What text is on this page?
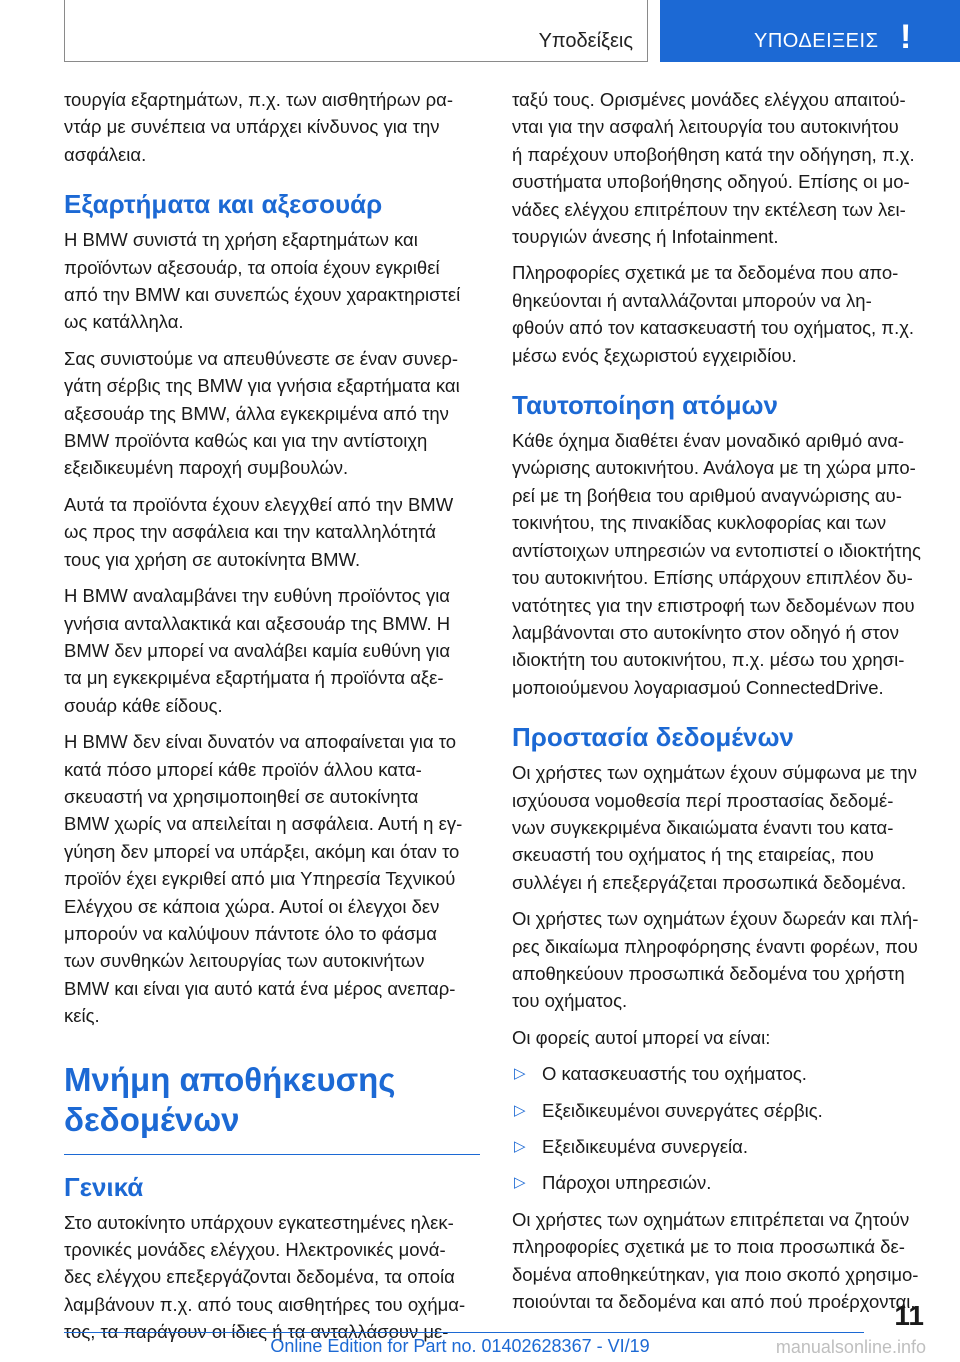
Υποδείξεις	ΥΠΟΔΕΙΞΕΙΣ !

τουργία εξαρτημάτων, π.χ. των αισθητήρων ρα-
ντάρ με συνέπεια να υπάρχει κίνδυνος για την
ασφάλεια.

Εξαρτήματα και αξεσουάρ

Η BMW συνιστά τη χρήση εξαρτημάτων και
προϊόντων αξεσουάρ, τα οποία έχουν εγκριθεί
από την BMW και συνεπώς έχουν χαρακτηριστεί
ως κατάλληλα.

Σας συνιστούμε να απευθύνεστε σε έναν συνερ-
γάτη σέρβις της BMW για γνήσια εξαρτήματα και
αξεσουάρ της BMW, άλλα εγκεκριμένα από την
BMW προϊόντα καθώς και για την αντίστοιχη
εξειδικευμένη παροχή συμβουλών.

Αυτά τα προϊόντα έχουν ελεγχθεί από την BMW
ως προς την ασφάλεια και την καταλληλότητά
τους για χρήση σε αυτοκίνητα BMW.

Η BMW αναλαμβάνει την ευθύνη προϊόντος για
γνήσια ανταλλακτικά και αξεσουάρ της BMW. Η
BMW δεν μπορεί να αναλάβει καμία ευθύνη για
τα μη εγκεκριμένα εξαρτήματα ή προϊόντα αξε-
σουάρ κάθε είδους.

Η BMW δεν είναι δυνατόν να αποφαίνεται για το
κατά πόσο μπορεί κάθε προϊόν άλλου κατα-
σκευαστή να χρησιμοποιηθεί σε αυτοκίνητα
BMW χωρίς να απειλείται η ασφάλεια. Αυτή η εγ-
γύηση δεν μπορεί να υπάρξει, ακόμη και όταν το
προϊόν έχει εγκριθεί από μια Υπηρεσία Τεχνικού
Ελέγχου σε κάποια χώρα. Αυτοί οι έλεγχοι δεν
μπορούν να καλύψουν πάντοτε όλο το φάσμα
των συνθηκών λειτουργίας των αυτοκινήτων
BMW και είναι για αυτό κατά ένα μέρος ανεπαρ-
κείς.

Μνήμη αποθήκευσης
δεδομένων
Γενικά

Στο αυτοκίνητο υπάρχουν εγκατεστημένες ηλεκ-
τρονικές μονάδες ελέγχου. Ηλεκτρονικές μονά-
δες ελέγχου επεξεργάζονται δεδομένα, τα οποία
λαμβάνουν π.χ. από τους αισθητήρες του οχήμα-
τος, τα παράγουν οι ίδιες ή τα ανταλλάσουν με-

ταξύ τους. Ορισμένες μονάδες ελέγχου απαιτού-
νται για την ασφαλή λειτουργία του αυτοκινήτου
ή παρέχουν υποβοήθηση κατά την οδήγηση, π.χ.
συστήματα υποβοήθησης οδηγού. Επίσης οι μο-
νάδες ελέγχου επιτρέπουν την εκτέλεση των λει-
τουργιών άνεσης ή Infotainment.

Πληροφορίες σχετικά με τα δεδομένα που απο-
θηκεύονται ή ανταλλάζονται μπορούν να λη-
φθούν από τον κατασκευαστή του οχήματος, π.χ.
μέσω ενός ξεχωριστού εγχειριδίου.

Ταυτοποίηση ατόμων

Κάθε όχημα διαθέτει έναν μοναδικό αριθμό ανα-
γνώρισης αυτοκινήτου. Ανάλογα με τη χώρα μπο-
ρεί με τη βοήθεια του αριθμού αναγνώρισης αυ-
τοκινήτου, της πινακίδας κυκλοφορίας και των
αντίστοιχων υπηρεσιών να εντοπιστεί ο ιδιοκτήτης
του αυτοκινήτου. Επίσης υπάρχουν επιπλέον δυ-
νατότητες για την επιστροφή των δεδομένων που
λαμβάνονται στο αυτοκίνητο στον οδηγό ή στον
ιδιοκτήτη του αυτοκινήτου, π.χ. μέσω του χρησι-
μοποιούμενου λογαριασμού ConnectedDrive.

Προστασία δεδομένων

Οι χρήστες των οχημάτων έχουν σύμφωνα με την
ισχύουσα νομοθεσία περί προστασίας δεδομέ-
νων συγκεκριμένα δικαιώματα έναντι του κατα-
σκευαστή του οχήματος ή της εταιρείας, που
συλλέγει ή επεξεργάζεται προσωπικά δεδομένα.

Οι χρήστες των οχημάτων έχουν δωρεάν και πλή-
ρες δικαίωμα πληροφόρησης έναντι φορέων, που
αποθηκεύουν προσωπικά δεδομένα του χρήστη
του οχήματος.

Οι φορείς αυτοί μπορεί να είναι:

▷ Ο κατασκευαστής του οχήματος.
▷ Εξειδικευμένοι συνεργάτες σέρβις.
▷ Εξειδικευμένα συνεργεία.
▷ Πάροχοι υπηρεσιών.

Οι χρήστες των οχημάτων επιτρέπεται να ζητούν
πληροφορίες σχετικά με το ποια προσωπικά δε-
δομένα αποθηκεύτηκαν, για ποιο σκοπό χρησιμο-
ποιούνται τα δεδομένα και από πού προέρχονται.

11
Online Edition for Part no. 01402628367 - VI/19	manualsonline.info
